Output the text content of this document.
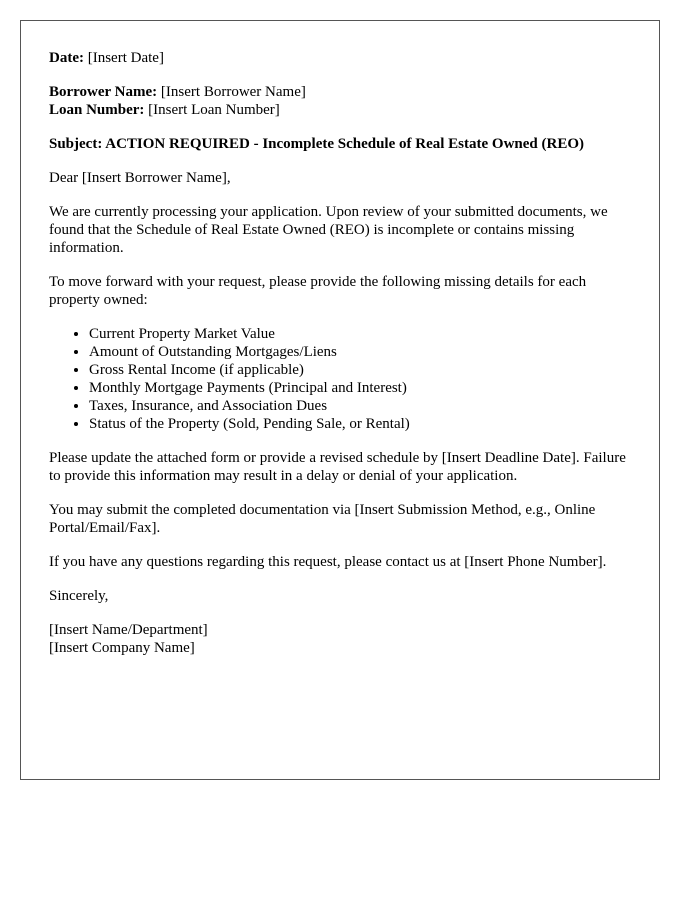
Date: [Insert Date]

Borrower Name: [Insert Borrower Name]
Loan Number: [Insert Loan Number]

Subject: ACTION REQUIRED - Incomplete Schedule of Real Estate Owned (REO)

Dear [Insert Borrower Name],

We are currently processing your application. Upon review of your submitted documents, we found that the Schedule of Real Estate Owned (REO) is incomplete or contains missing information.

To move forward with your request, please provide the following missing details for each property owned:

• Current Property Market Value
• Amount of Outstanding Mortgages/Liens
• Gross Rental Income (if applicable)
• Monthly Mortgage Payments (Principal and Interest)
• Taxes, Insurance, and Association Dues
• Status of the Property (Sold, Pending Sale, or Rental)

Please update the attached form or provide a revised schedule by [Insert Deadline Date]. Failure to provide this information may result in a delay or denial of your application.

You may submit the completed documentation via [Insert Submission Method, e.g., Online Portal/Email/Fax].

If you have any questions regarding this request, please contact us at [Insert Phone Number].

Sincerely,

[Insert Name/Department]
[Insert Company Name]
